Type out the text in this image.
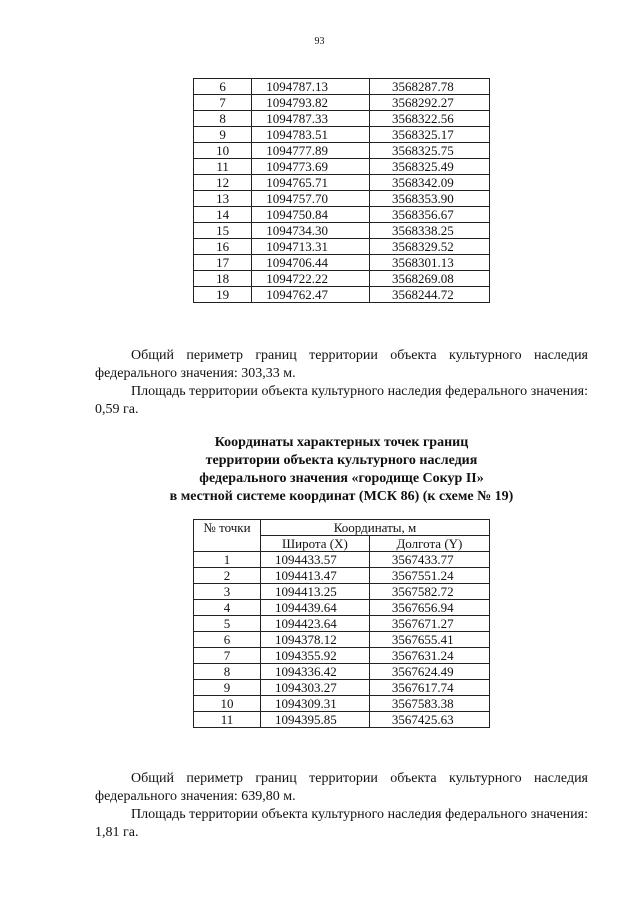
93
6	1094787.13	3568287.78
7	1094793.82	3568292.27
8	1094787.33	3568322.56
9	1094783.51	3568325.17
10	1094777.89	3568325.75
11	1094773.69	3568325.49
12	1094765.71	3568342.09
13	1094757.70	3568353.90
14	1094750.84	3568356.67
15	1094734.30	3568338.25
16	1094713.31	3568329.52
17	1094706.44	3568301.13
18	1094722.22	3568269.08
19	1094762.47	3568244.72

Общий периметр границ территории объекта культурного наследия федерального значения: 303,33 м.

Площадь территории объекта культурного наследия федерального значения: 0,59 га.

Координаты характерных точек границ
территории объекта культурного наследия
федерального значения «городище Сокур II»
в местной системе координат (МСК 86) (к схеме № 19)
№ точки	Координаты, м	
	Широта (X)	Долгота (Y)
1	1094433.57	3567433.77
2	1094413.47	3567551.24
3	1094413.25	3567582.72
4	1094439.64	3567656.94
5	1094423.64	3567671.27
6	1094378.12	3567655.41
7	1094355.92	3567631.24
8	1094336.42	3567624.49
9	1094303.27	3567617.74
10	1094309.31	3567583.38
11	1094395.85	3567425.63

Общий периметр границ территории объекта культурного наследия федерального значения: 639,80 м.

Площадь территории объекта культурного наследия федерального значения: 1,81 га.
